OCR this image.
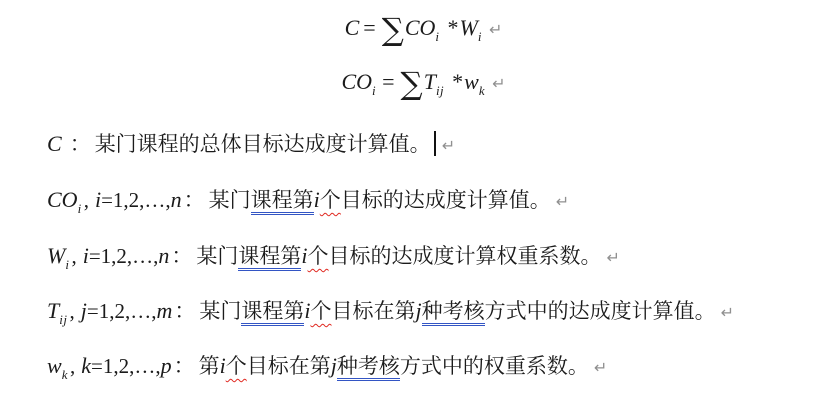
$C = \sum CO_i$ $*W_i$ ↵
$CO_i = \sum T_{ij}$ $*w_k$ ↵
C ： 某门课程的总体目标达成度计算值。 ↵
$CO_i$, i=1,2,…,n： 某门课程第i个目标的达成度计算值。 ↵
$W_i$, i=1,2,…,n： 某门课程第i个目标的达成度计算权重系数。 ↵
$T_{ij}$, j=1,2,…,m： 某门课程第i个目标在第j种考核方式中的达成度计算值。 ↵
$w_k$, k=1,2,…,p： 第i个目标在第j种考核方式中的权重系数。 ↵
